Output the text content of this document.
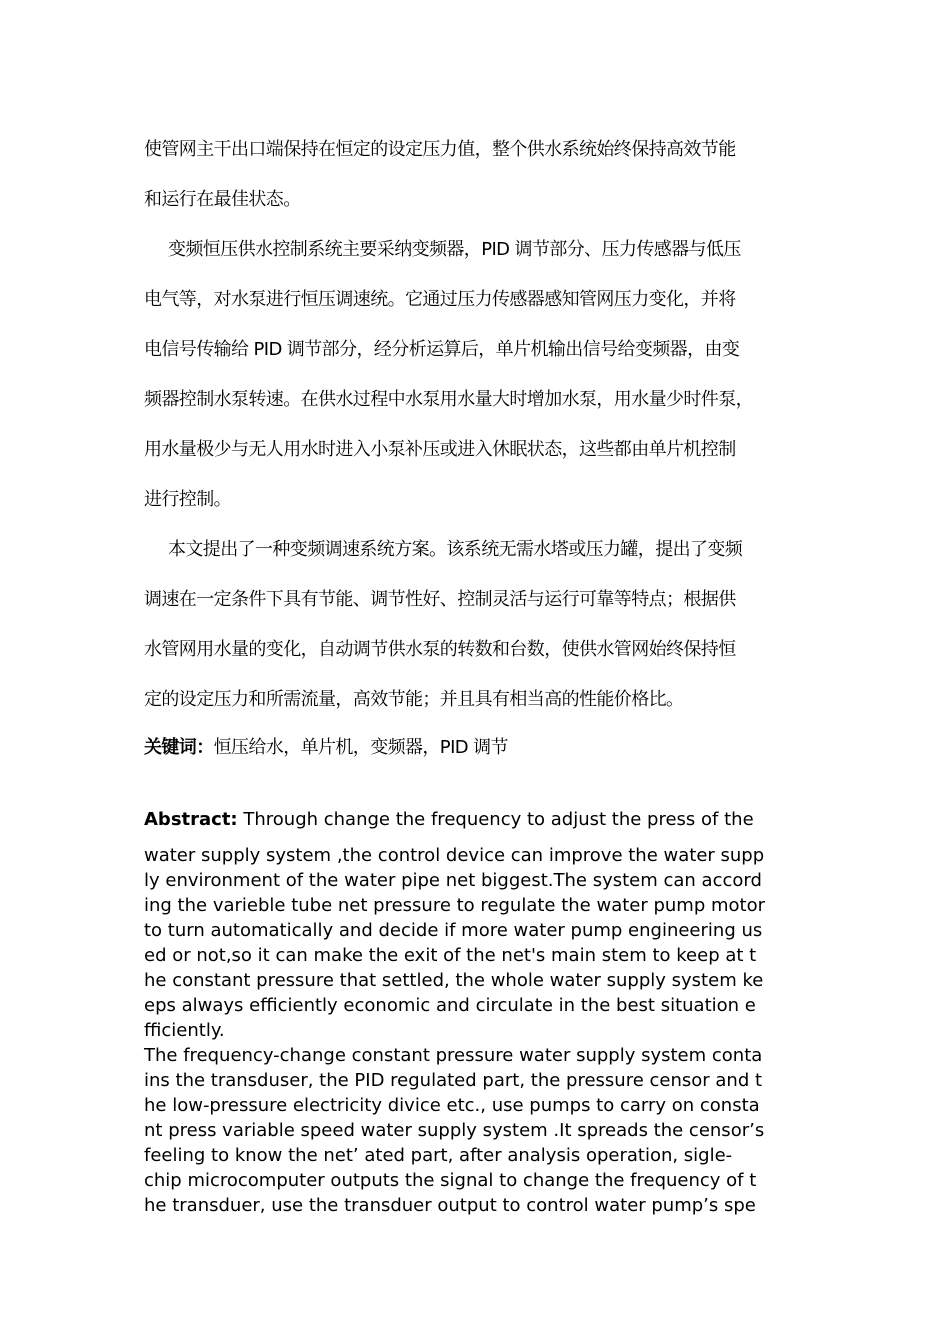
使管网主干出口端保持在恒定的设定压力值，整个供水系统始终保持高效节能
和运行在最佳状态。
变频恒压供水控制系统主要采纳变频器，PID 调节部分、压力传感器与低压
电气等，对水泵进行恒压调速统。它通过压力传感器感知管网压力变化，并将
电信号传输给 PID 调节部分，经分析运算后，单片机输出信号给变频器，由变
频器控制水泵转速。在供水过程中水泵用水量大时增加水泵，用水量少时件泵，
用水量极少与无人用水时进入小泵补压或进入休眠状态，这些都由单片机控制
进行控制。
本文提出了一种变频调速系统方案。该系统无需水塔或压力罐，提出了变频
调速在一定条件下具有节能、调节性好、控制灵活与运行可靠等特点；根据供
水管网用水量的变化，自动调节供水泵的转数和台数，使供水管网始终保持恒
定的设定压力和所需流量，高效节能；并且具有相当高的性能价格比。
关键词：恒压给水，单片机，变频器，PID 调节
Abstract: Through change the frequency to adjust the press of the
water supply system ,the control device can improve the water supp
ly environment of the water pipe net biggest.The system can accord
ing the varieble tube net pressure to regulate the water pump motor
to turn automatically and decide if more water pump engineering us
ed or not,so it can make the exit of the net's main stem to keep at t
he constant pressure that settled, the whole water supply system ke
eps always efficiently economic and circulate in the best situation e
fficiently.
The frequency-change constant pressure water supply system conta
ins the transduser, the PID regulated part, the pressure censor and t
he low-pressure electricity divice etc., use pumps to carry on consta
nt press variable speed water supply system .It spreads the censor’s
feeling to know the net’ ated part, after analysis operation, sigle-
chip microcomputer outputs the signal to change the frequency of t
he transduer, use the transduer output to control water pump’s spe
